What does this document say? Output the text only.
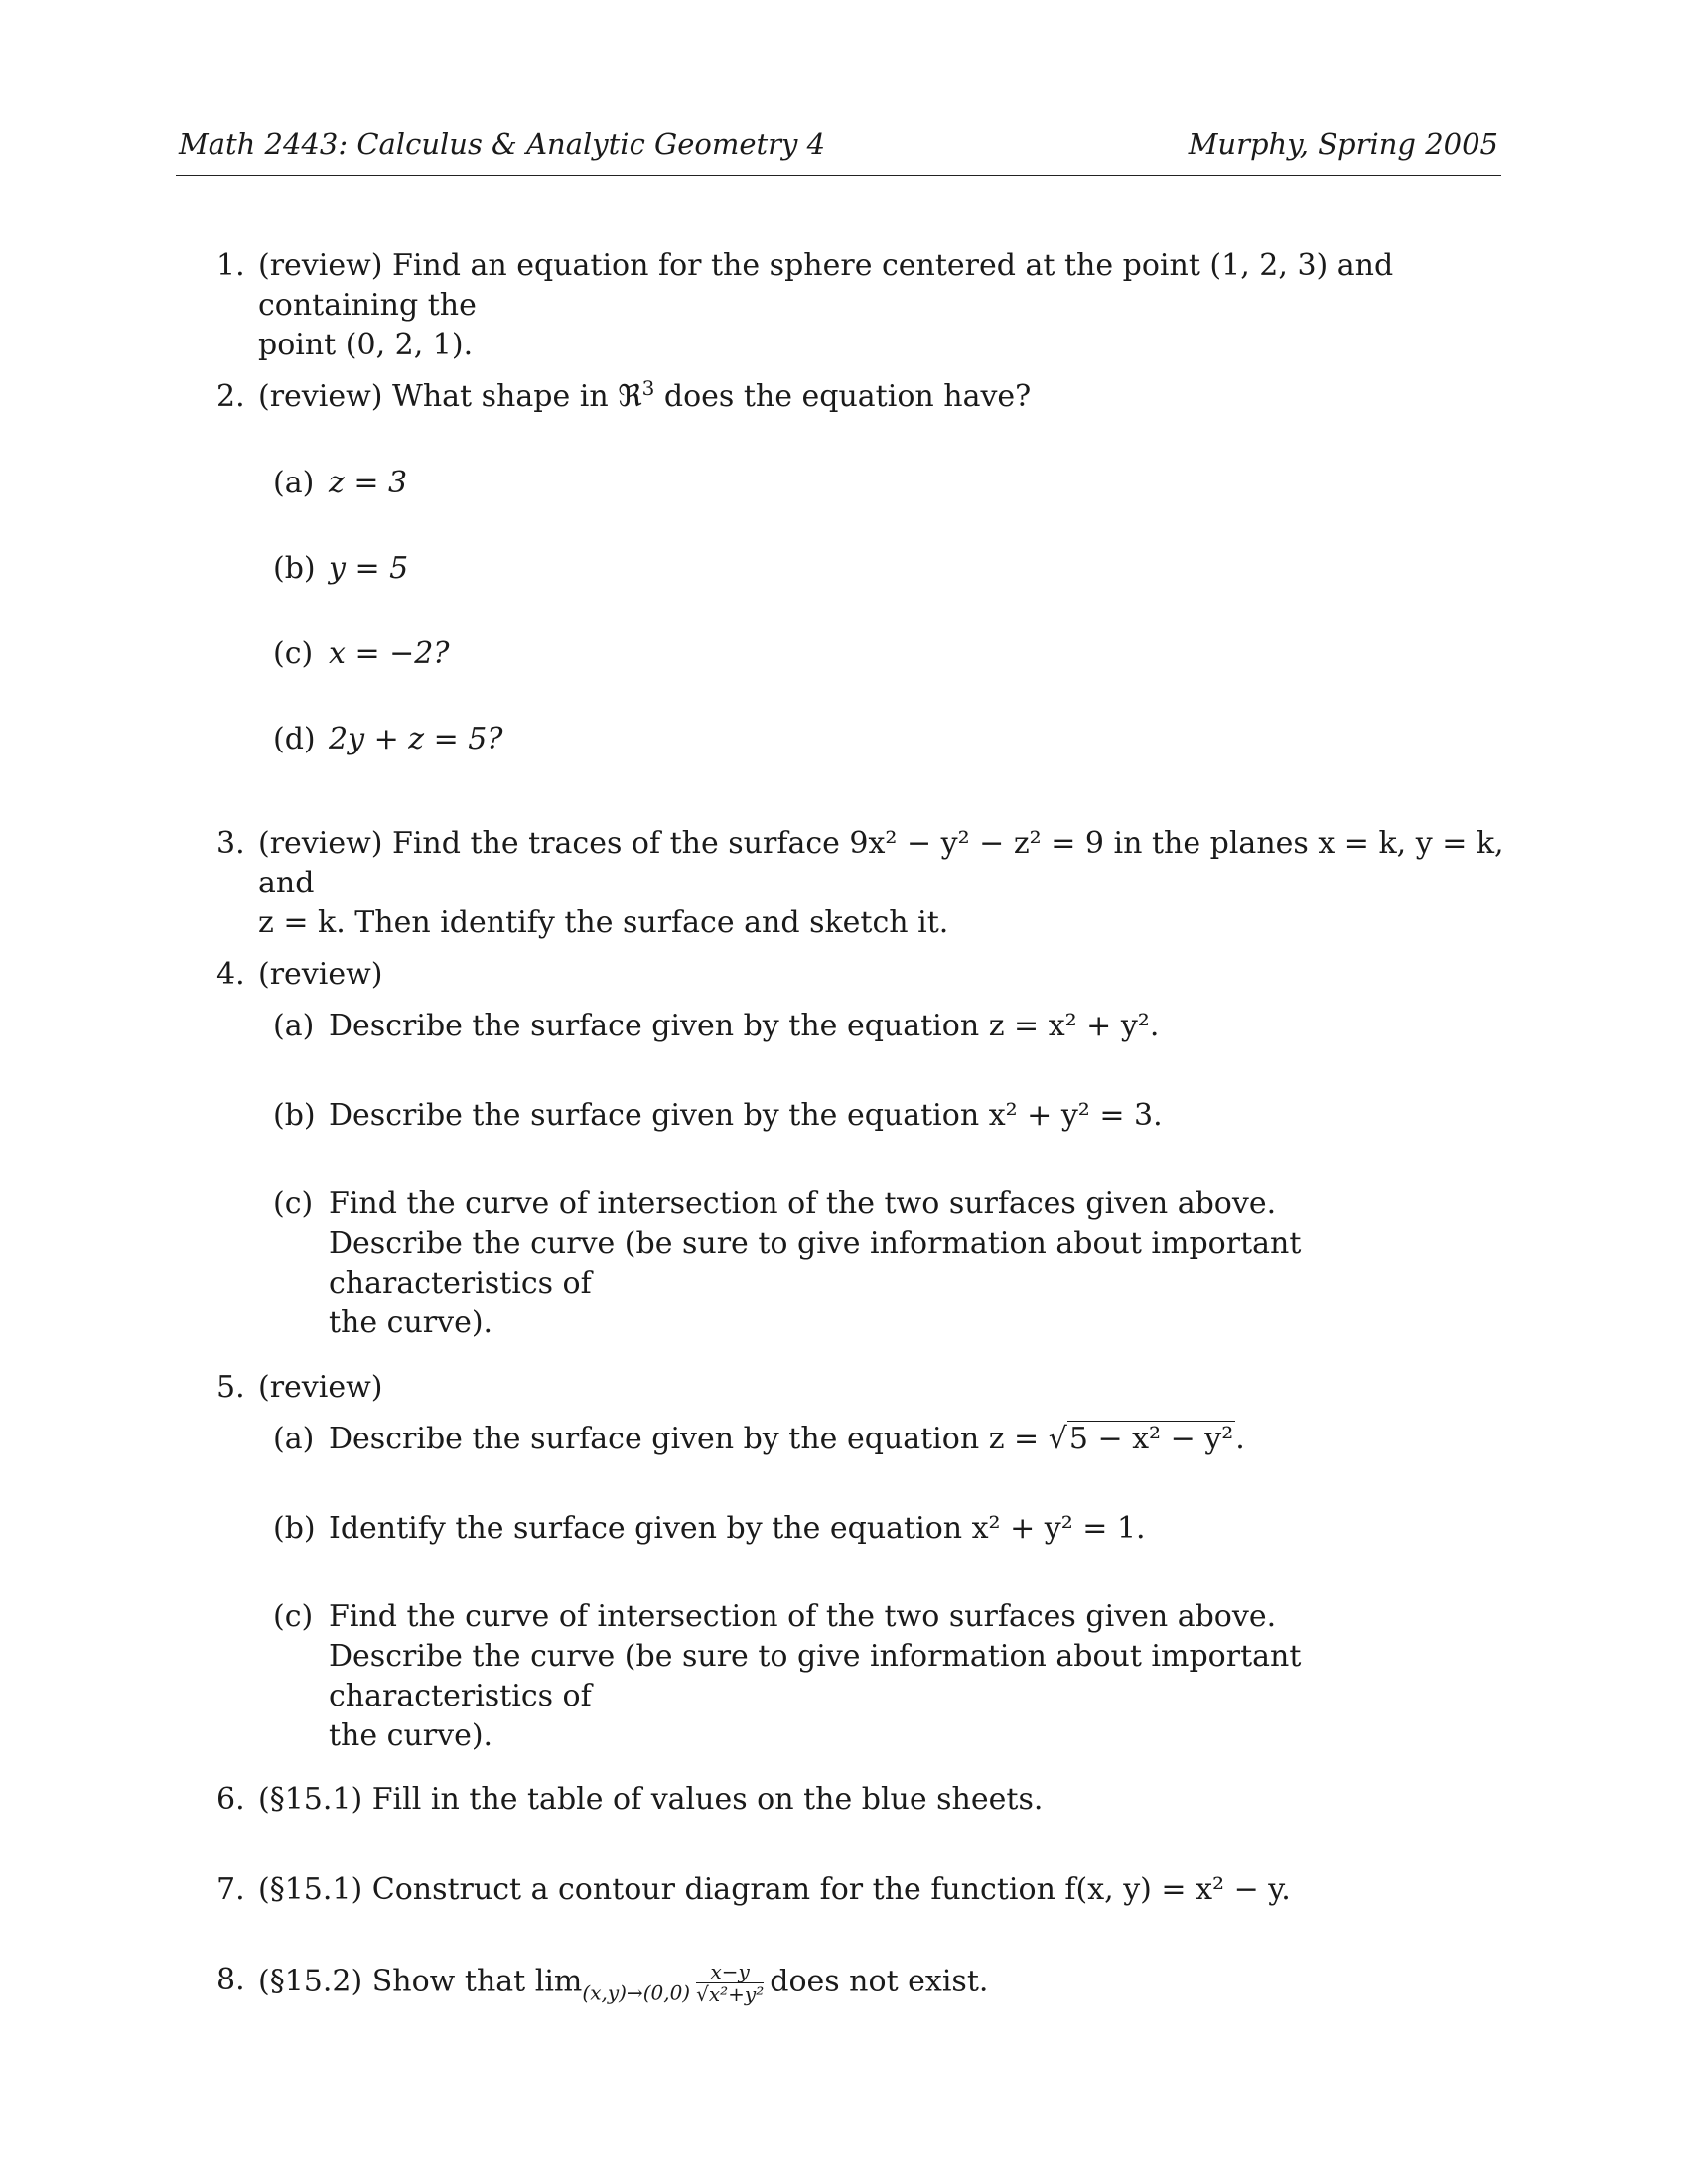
Math 2443: Calculus & Analytic Geometry 4	Murphy, Spring 2005
1. (review) Find an equation for the sphere centered at the point (1, 2, 3) and containing the
point (0, 2, 1).
2. (review) What shape in ℜ$^3$ does the equation have?
(a) z = 3
(b) y = 5
(c) x = −2?
(d) 2y + z = 5?
3. (review) Find the traces of the surface 9x² − y² − z² = 9 in the planes x = k, y = k, and
z = k. Then identify the surface and sketch it.
4. (review)
(a) Describe the surface given by the equation z = x² + y².
(b) Describe the surface given by the equation x² + y² = 3.
(c) Find the curve of intersection of the two surfaces given above.
Describe the curve (be sure to give information about important characteristics of
the curve).
5. (review)
(a) Describe the surface given by the equation z = √5 − x² − y².
(b) Identify the surface given by the equation x² + y² = 1.
(c) Find the curve of intersection of the two surfaces given above.
Describe the curve (be sure to give information about important characteristics of
the curve).
6. (§15.1) Fill in the table of values on the blue sheets.
7. (§15.1) Construct a contour diagram for the function f(x, y) = x² − y.
8. (§15.2) Show that $\lim_{(x,y)\to(0,0)} \frac{x-y}{\text{√x²+y²}}$ does not exist.
